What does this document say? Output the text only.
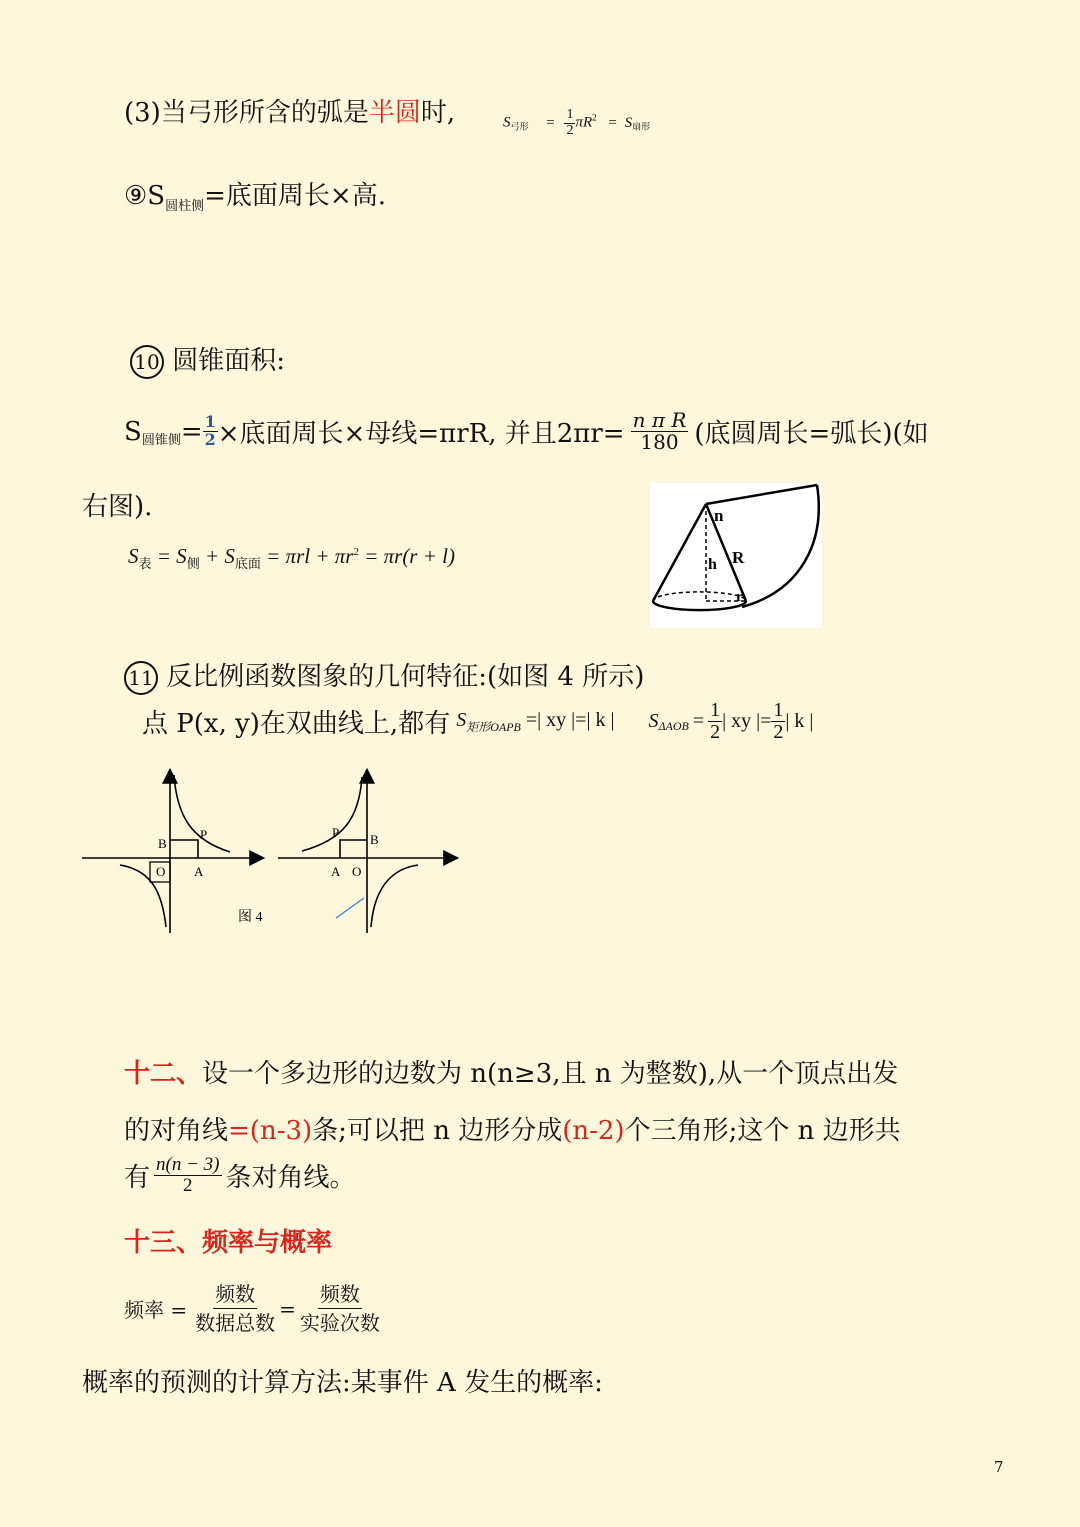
(3)当弓形所含的弧是半圆时,	$S_{弓形} = \frac{1}{2} \pi R^2 = S_{扇形}$
$⑨S_{圆柱侧}=$底面周长×高.
10 圆锥面积:
S 圆锥侧 = $\frac{1}{2}$ ×底面周长×母线=πrR, 并且$2\pi r= \frac{\text{n π R}}{180}$ (底圆周长=弧长)(如
右图).
$S_表 = S_侧 + S_{底面} = \pi rl + \pi r^2 = \pi r(r + l)$
n
h R
r
11 反比例函数图象的几何特征:(如图 4 所示)
点 P(x, y)在双曲线上,都有 $S_{矩形OAPB}$ =| xy |=| k | S $\Delta AOB = \frac{1}{2}$ | xy |= $\frac{1}{2}$ | k |
B
P
O A
P B
A O
图 4
十二、设一个多边形的边数为 n(n≥3,且 n 为整数),从一个顶点出发
的对角线=(n-3)条;可以把 n 边形分成(n-2)个三角形;这个 n 边形共
有 $\frac{n(n - 3)}{2}$ 条对角线。
十三、频率与概率
频率 = $\frac{\text{频数}}{\text{数据总数}} = \frac{\text{频数}}{\text{实验次数}}$
概率的预测的计算方法:某事件 A 发生的概率:
7
